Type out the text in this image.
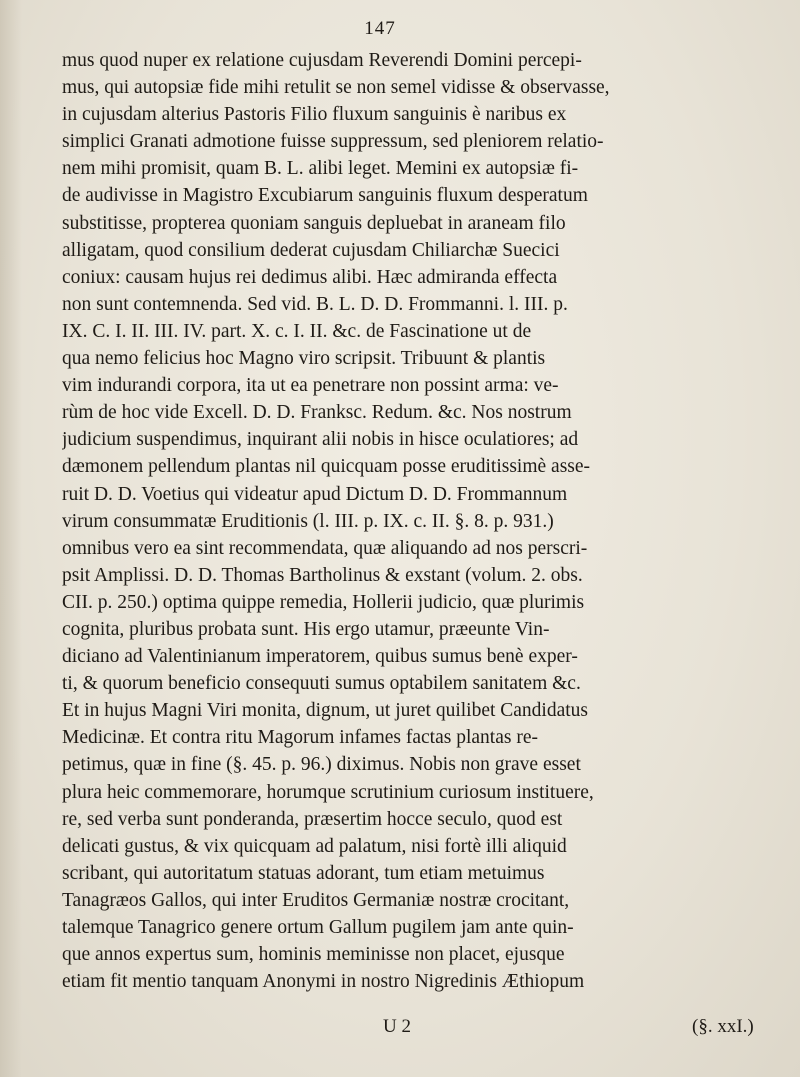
147
mus quod nuper ex relatione cujusdam Reverendi Domini percepi-
mus, qui autopsiæ fide mihi retulit se non semel vidisse & observasse,
in cujusdam alterius Pastoris Filio fluxum sanguinis è naribus ex
simplici Granati admotione fuisse suppressum, sed pleniorem relatio-
nem mihi promisit, quam B. L. alibi leget. Memini ex autopsiæ fi-
de audivisse in Magistro Excubiarum sanguinis fluxum desperatum
substitisse, propterea quoniam sanguis depluebat in araneam filo
alligatam, quod consilium dederat cujusdam Chiliarchæ Suecici
coniux: causam hujus rei dedimus alibi. Hæc admiranda effecta
non sunt contemnenda. Sed vid. B. L. D. D. Frommanni. l. III. p.
IX. C. I. II. III. IV. part. X. c. I. II. &c. de Fascinatione ut de
qua nemo felicius hoc Magno viro scripsit. Tribuunt & plantis
vim indurandi corpora, ita ut ea penetrare non possint arma: ve-
rùm de hoc vide Excell. D. D. Franksc. Redum. &c. Nos nostrum
judicium suspendimus, inquirant alii nobis in hisce oculatiores; ad
dæmonem pellendum plantas nil quicquam posse eruditissimè asse-
ruit D. D. Voetius qui videatur apud Dictum D. D. Frommannum
virum consummatæ Eruditionis (l. III. p. IX. c. II. §. 8. p. 931.)
omnibus vero ea sint recommendata, quæ aliquando ad nos perscri-
psit Amplissi. D. D. Thomas Bartholinus & exstant (volum. 2. obs.
CII. p. 250.) optima quippe remedia, Hollerii judicio, quæ plurimis
cognita, pluribus probata sunt. His ergo utamur, præeunte Vin-
diciano ad Valentinianum imperatorem, quibus sumus benè exper-
ti, & quorum beneficio consequuti sumus optabilem sanitatem &c.
Et in hujus Magni Viri monita, dignum, ut juret quilibet Candidatus
Medicinæ. Et contra ritu Magorum infames factas plantas re-
petimus, quæ in fine (§. 45. p. 96.) diximus. Nobis non grave esset
plura heic commemorare, horumque scrutinium curiosum instituere,
re, sed verba sunt ponderanda, præsertim hocce seculo, quod est
delicati gustus, & vix quicquam ad palatum, nisi fortè illi aliquid
scribant, qui autoritatum statuas adorant, tum etiam metuimus
Tanagræos Gallos, qui inter Eruditos Germaniæ nostræ crocitant,
talemque Tanagrico genere ortum Gallum pugilem jam ante quin-
que annos expertus sum, hominis meminisse non placet, ejusque
etiam fit mentio tanquam Anonymi in nostro Nigredinis Æthiopum
U 2	(§. xxI.)
